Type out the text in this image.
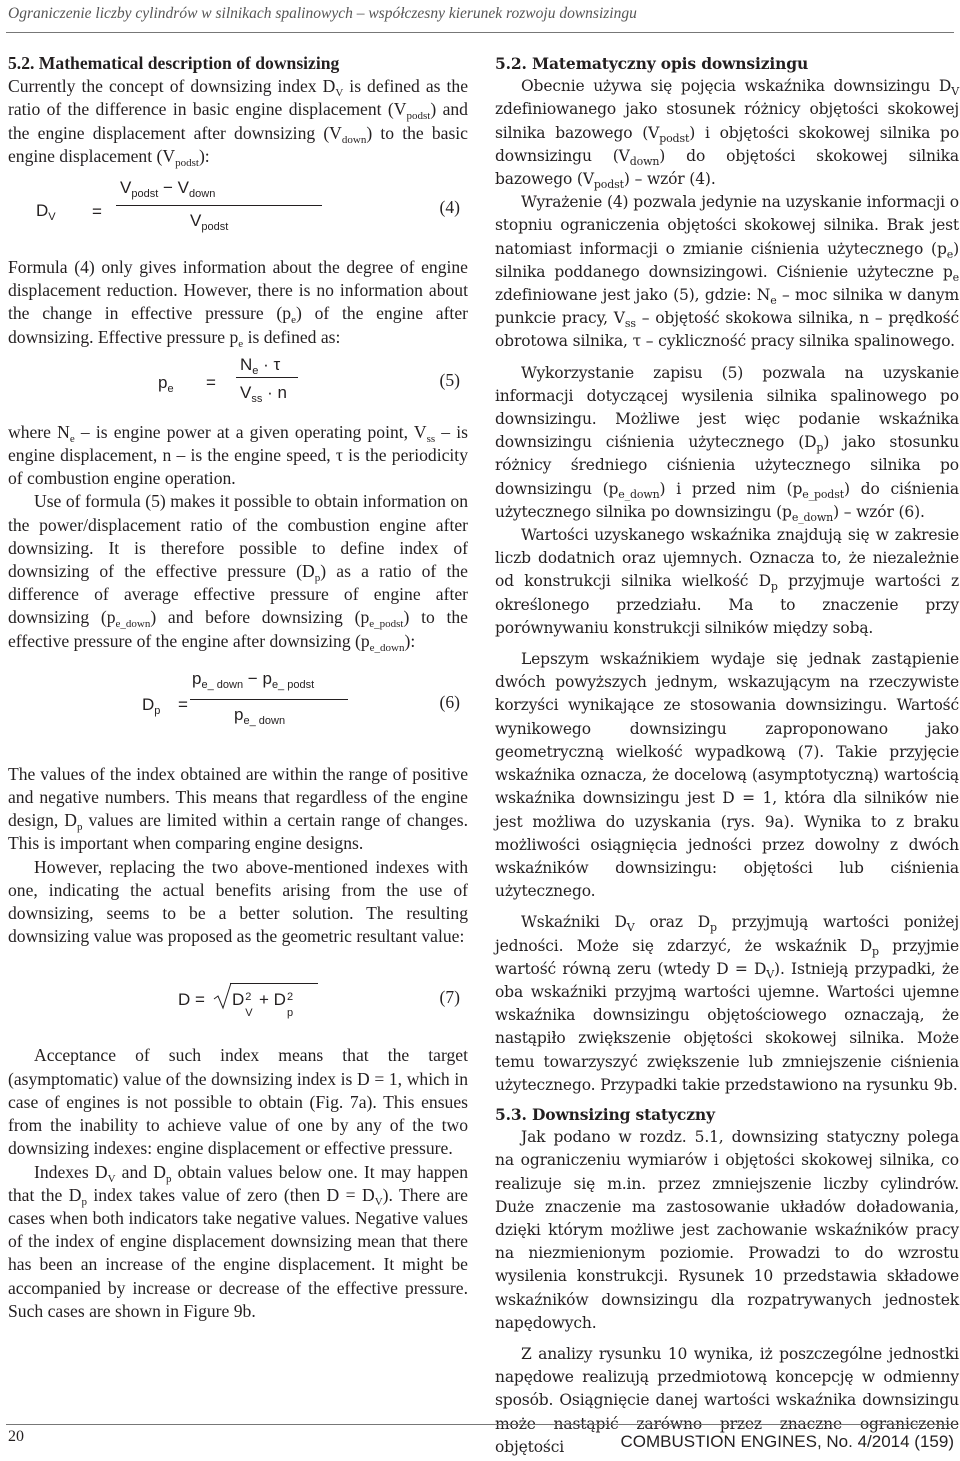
Ograniczenie liczby cylindrów w silnikach spalinowych – współczesny kierunek rozwoju downsizingu

5.2. Mathematical description of downsizing

Currently the concept of downsizing index $D_V$ is defined as the ratio of the difference in basic engine displacement $(V_{podst})$ and the engine displacement after downsizing $(V_{down})$ to the basic engine displacement $(V_{podst})$:

$D_V$ =
$V_{podst} - V_{down}$
$V_{podst}$
(4)

Formula (4) only gives information about the degree of engine displacement reduction. However, there is no information about the change in effective pressure $(p_e)$ of the engine after downsizing. Effective pressure $p_e$ is defined as:

$p_e$ =
$N_e \cdot \tau$
$V_{ss} \cdot n$
(5)

where $N_e$ – is engine power at a given operating point, $V_{ss}$ – is engine displacement, n – is the engine speed, τ is the periodicity of combustion engine operation.

Use of formula (5) makes it possible to obtain information on the power/displacement ratio of the combustion engine after downsizing. It is therefore possible to define index of downsizing of the effective pressure $(D_p)$ as a ratio of the difference of average effective pressure of engine after downsizing $(p_{e\_down})$ and before downsizing $(p_{e\_podst})$ to the effective pressure of the engine after downsizing $(p_{e\_down})$:

$D_p$ =
$p_{e\_ down} - p_{e\_ podst}$
$p_{e\_ down}$
(6)

The values of the index obtained are within the range of positive and negative numbers. This means that regardless of the engine design, $D_p$ values are limited within a certain range of changes. This is important when comparing engine designs.

However, replacing the two above-mentioned indexes with one, indicating the actual benefits arising from the use of downsizing, seems to be a better solution. The resulting downsizing value was proposed as the geometric resultant value:

D = D 2
V
+ D 2
p
(7)

Acceptance of such index means that the target (asymptomatic) value of the downsizing index is D = 1, which in case of engines is not possible to obtain (Fig. 7a). This ensues from the inability to achieve value of one by any of the two downsizing indexes: engine displacement or effective pressure.

Indexes $D_V$ and $D_p$ obtain values below one. It may happen that the $D_p$ index takes value of zero (then $D = D_V$). There are cases when both indicators take negative values. Negative values of the index of engine displacement downsizing mean that there has been an increase of the engine displacement. It might be accompanied by increase or decrease of the effective pressure. Such cases are shown in Figure 9b.

5.2. Matematyczny opis downsizingu

Obecnie używa się pojęcia wskaźnika downsizingu $D_V$ zdefiniowanego jako stosunek różnicy objętości skokowej silnika bazowego $(V_{podst})$ i objętości skokowej silnika po downsizingu $(V_{down})$ do objętości skokowej silnika bazowego $(V_{podst})$ – wzór (4).

Wyrażenie (4) pozwala jedynie na uzyskanie informacji o stopniu ograniczenia objętości skokowej silnika. Brak jest natomiast informacji o zmianie ciśnienia użytecznego $(p_e)$ silnika poddanego downsizingowi. Ciśnienie użyteczne $p_e$ zdefiniowane jest jako (5), gdzie: $N_e$ – moc silnika w danym punkcie pracy, $V_{ss}$ – objętość skokowa silnika, n – prędkość obrotowa silnika, τ – cykliczność pracy silnika spalinowego.

Wykorzystanie zapisu (5) pozwala na uzyskanie informacji dotyczącej wysilenia silnika spalinowego po downsizingu. Możliwe jest więc podanie wskaźnika downsizingu ciśnienia użytecznego $(D_p)$ jako stosunku różnicy średniego ciśnienia użytecznego silnika po downsizingu $(p_{e\_down})$ i przed nim $(p_{e\_podst})$ do ciśnienia użytecznego silnika po downsizingu $(p_{e\_down})$ – wzór (6).

Wartości uzyskanego wskaźnika znajdują się w zakresie liczb dodatnich oraz ujemnych. Oznacza to, że niezależnie od konstrukcji silnika wielkość $D_p$ przyjmuje wartości z określonego przedziału. Ma to znaczenie przy porównywaniu konstrukcji silników między sobą.

Lepszym wskaźnikiem wydaje się jednak zastąpienie dwóch powyższych jednym, wskazującym na rzeczywiste korzyści wynikające ze stosowania downsizingu. Wartość wynikowego downsizingu zaproponowano jako geometryczną wielkość wypadkową (7). Takie przyjęcie wskaźnika oznacza, że docelową (asymptotyczną) wartością wskaźnika downsizingu jest D = 1, która dla silników nie jest możliwa do uzyskania (rys. 9a). Wynika to z braku możliwości osiągnięcia jedności przez dowolny z dwóch wskaźników downsizingu: objętości lub ciśnienia użytecznego.

Wskaźniki $D_V$ oraz $D_p$ przyjmują wartości poniżej jedności. Może się zdarzyć, że wskaźnik $D_p$ przyjmie wartość równą zeru (wtedy $D = D_V$). Istnieją przypadki, że oba wskaźniki przyjmą wartości ujemne. Wartości ujemne wskaźnika downsizingu objętościowego oznaczają, że nastąpiło zwiększenie objętości skokowej silnika. Może temu towarzyszyć zwiększenie lub zmniejszenie ciśnienia użytecznego. Przypadki takie przedstawiono na rysunku 9b.

5.3. Downsizing statyczny

Jak podano w rozdz. 5.1, downsizing statyczny polega na ograniczeniu wymiarów i objętości skokowej silnika, co realizuje się m.in. przez zmniejszenie liczby cylindrów. Duże znaczenie ma zastosowanie układów doładowania, dzięki którym możliwe jest zachowanie wskaźników pracy na niezmienionym poziomie. Prowadzi to do wzrostu wysilenia konstrukcji. Rysunek 10 przedstawia składowe wskaźników downsizingu dla rozpatrywanych jednostek napędowych.

Z analizy rysunku 10 wynika, iż poszczególne jednostki napędowe realizują przedmiotową koncepcję w odmienny sposób. Osiągnięcie danej wartości wskaźnika downsizingu może nastąpić zarówno przez znaczne ograniczenie objętości

20	COMBUSTION ENGINES, No. 4/2014 (159)
